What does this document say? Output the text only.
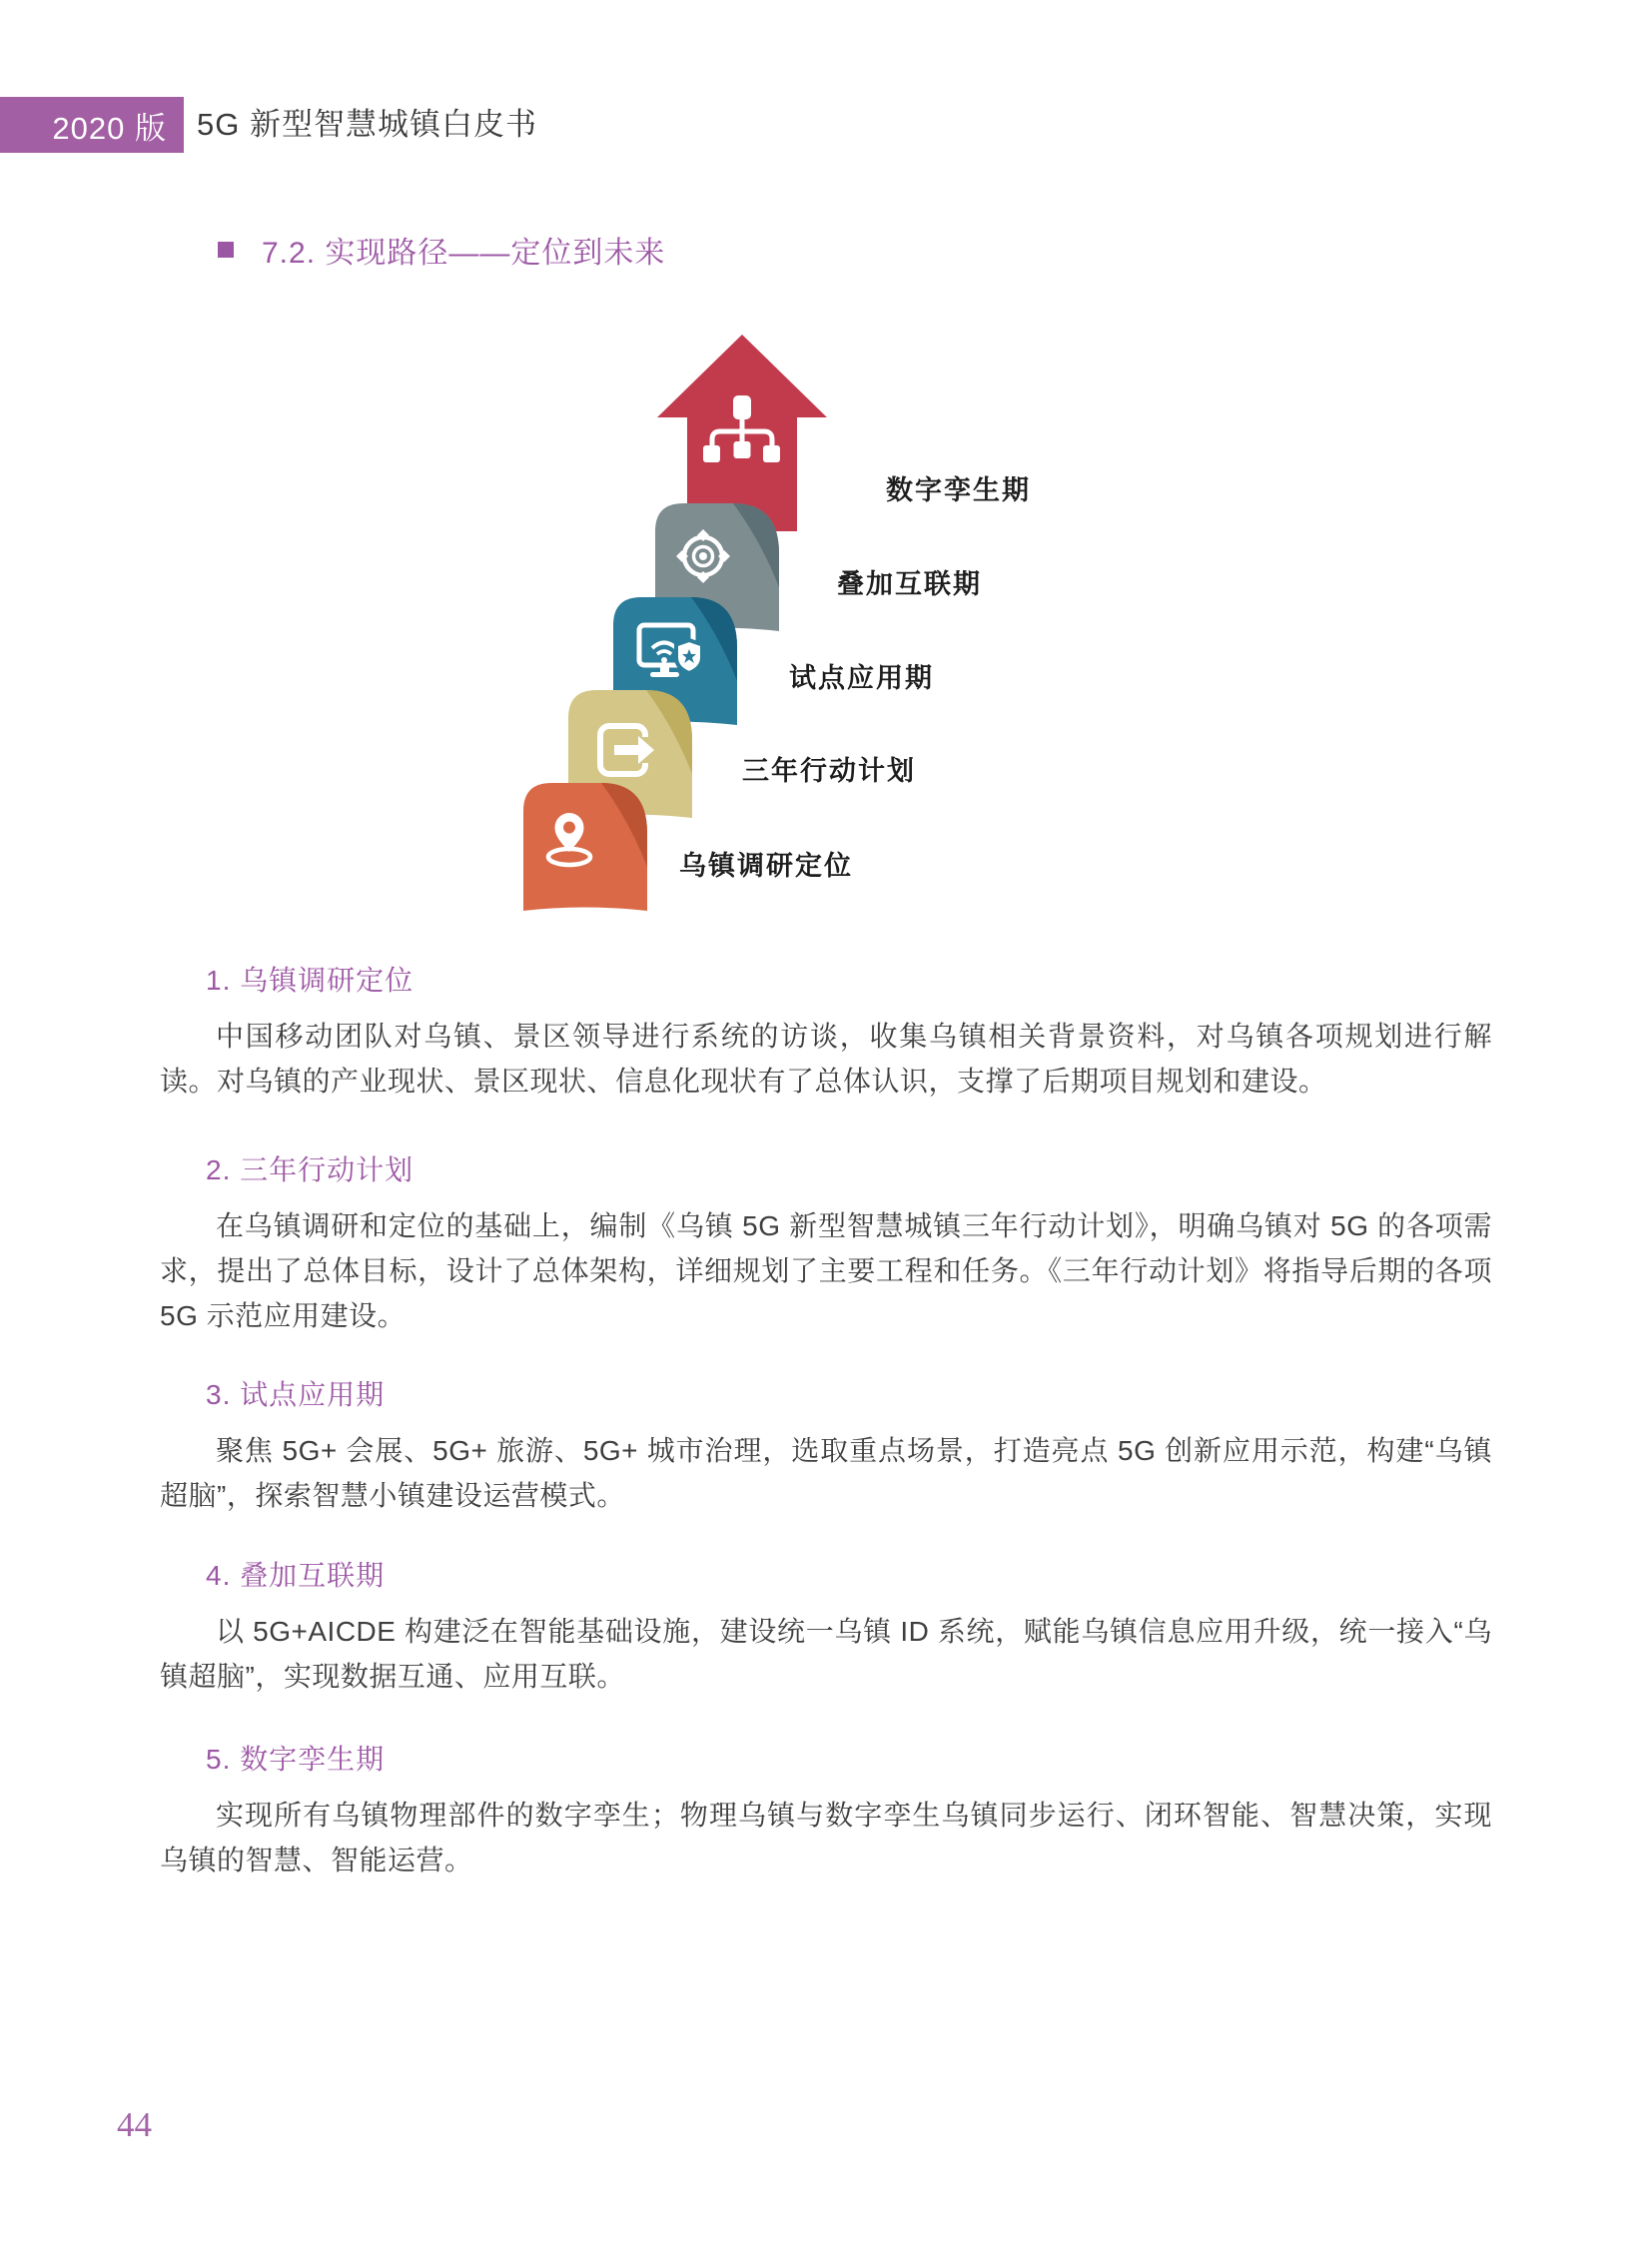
2020 版 5G 新型智慧城镇白皮书
7.2. 实现路径——定位到未来
数字孪生期
叠加互联期
试点应用期
三年行动计划
乌镇调研定位
1. 乌镇调研定位

中国移动团队对乌镇、景区领导进行系统的访谈，收集乌镇相关背景资料，对乌镇各项规划进行解读。对乌镇的产业现状、景区现状、信息化现状有了总体认识，支撑了后期项目规划和建设。

2. 三年行动计划

在乌镇调研和定位的基础上，编制《乌镇 5G 新型智慧城镇三年行动计划》，明确乌镇对 5G 的各项需求，提出了总体目标，设计了总体架构，详细规划了主要工程和任务。《三年行动计划》将指导后期的各项 5G 示范应用建设。

3. 试点应用期

聚焦 5G+ 会展、5G+ 旅游、5G+ 城市治理，选取重点场景，打造亮点 5G 创新应用示范，构建“乌镇超脑”，探索智慧小镇建设运营模式。

4. 叠加互联期

以 5G+AICDE 构建泛在智能基础设施，建设统一乌镇 ID 系统，赋能乌镇信息应用升级，统一接入“乌镇超脑”，实现数据互通、应用互联。

5. 数字孪生期

实现所有乌镇物理部件的数字孪生；物理乌镇与数字孪生乌镇同步运行、闭环智能、智慧决策，实现乌镇的智慧、智能运营。

44
